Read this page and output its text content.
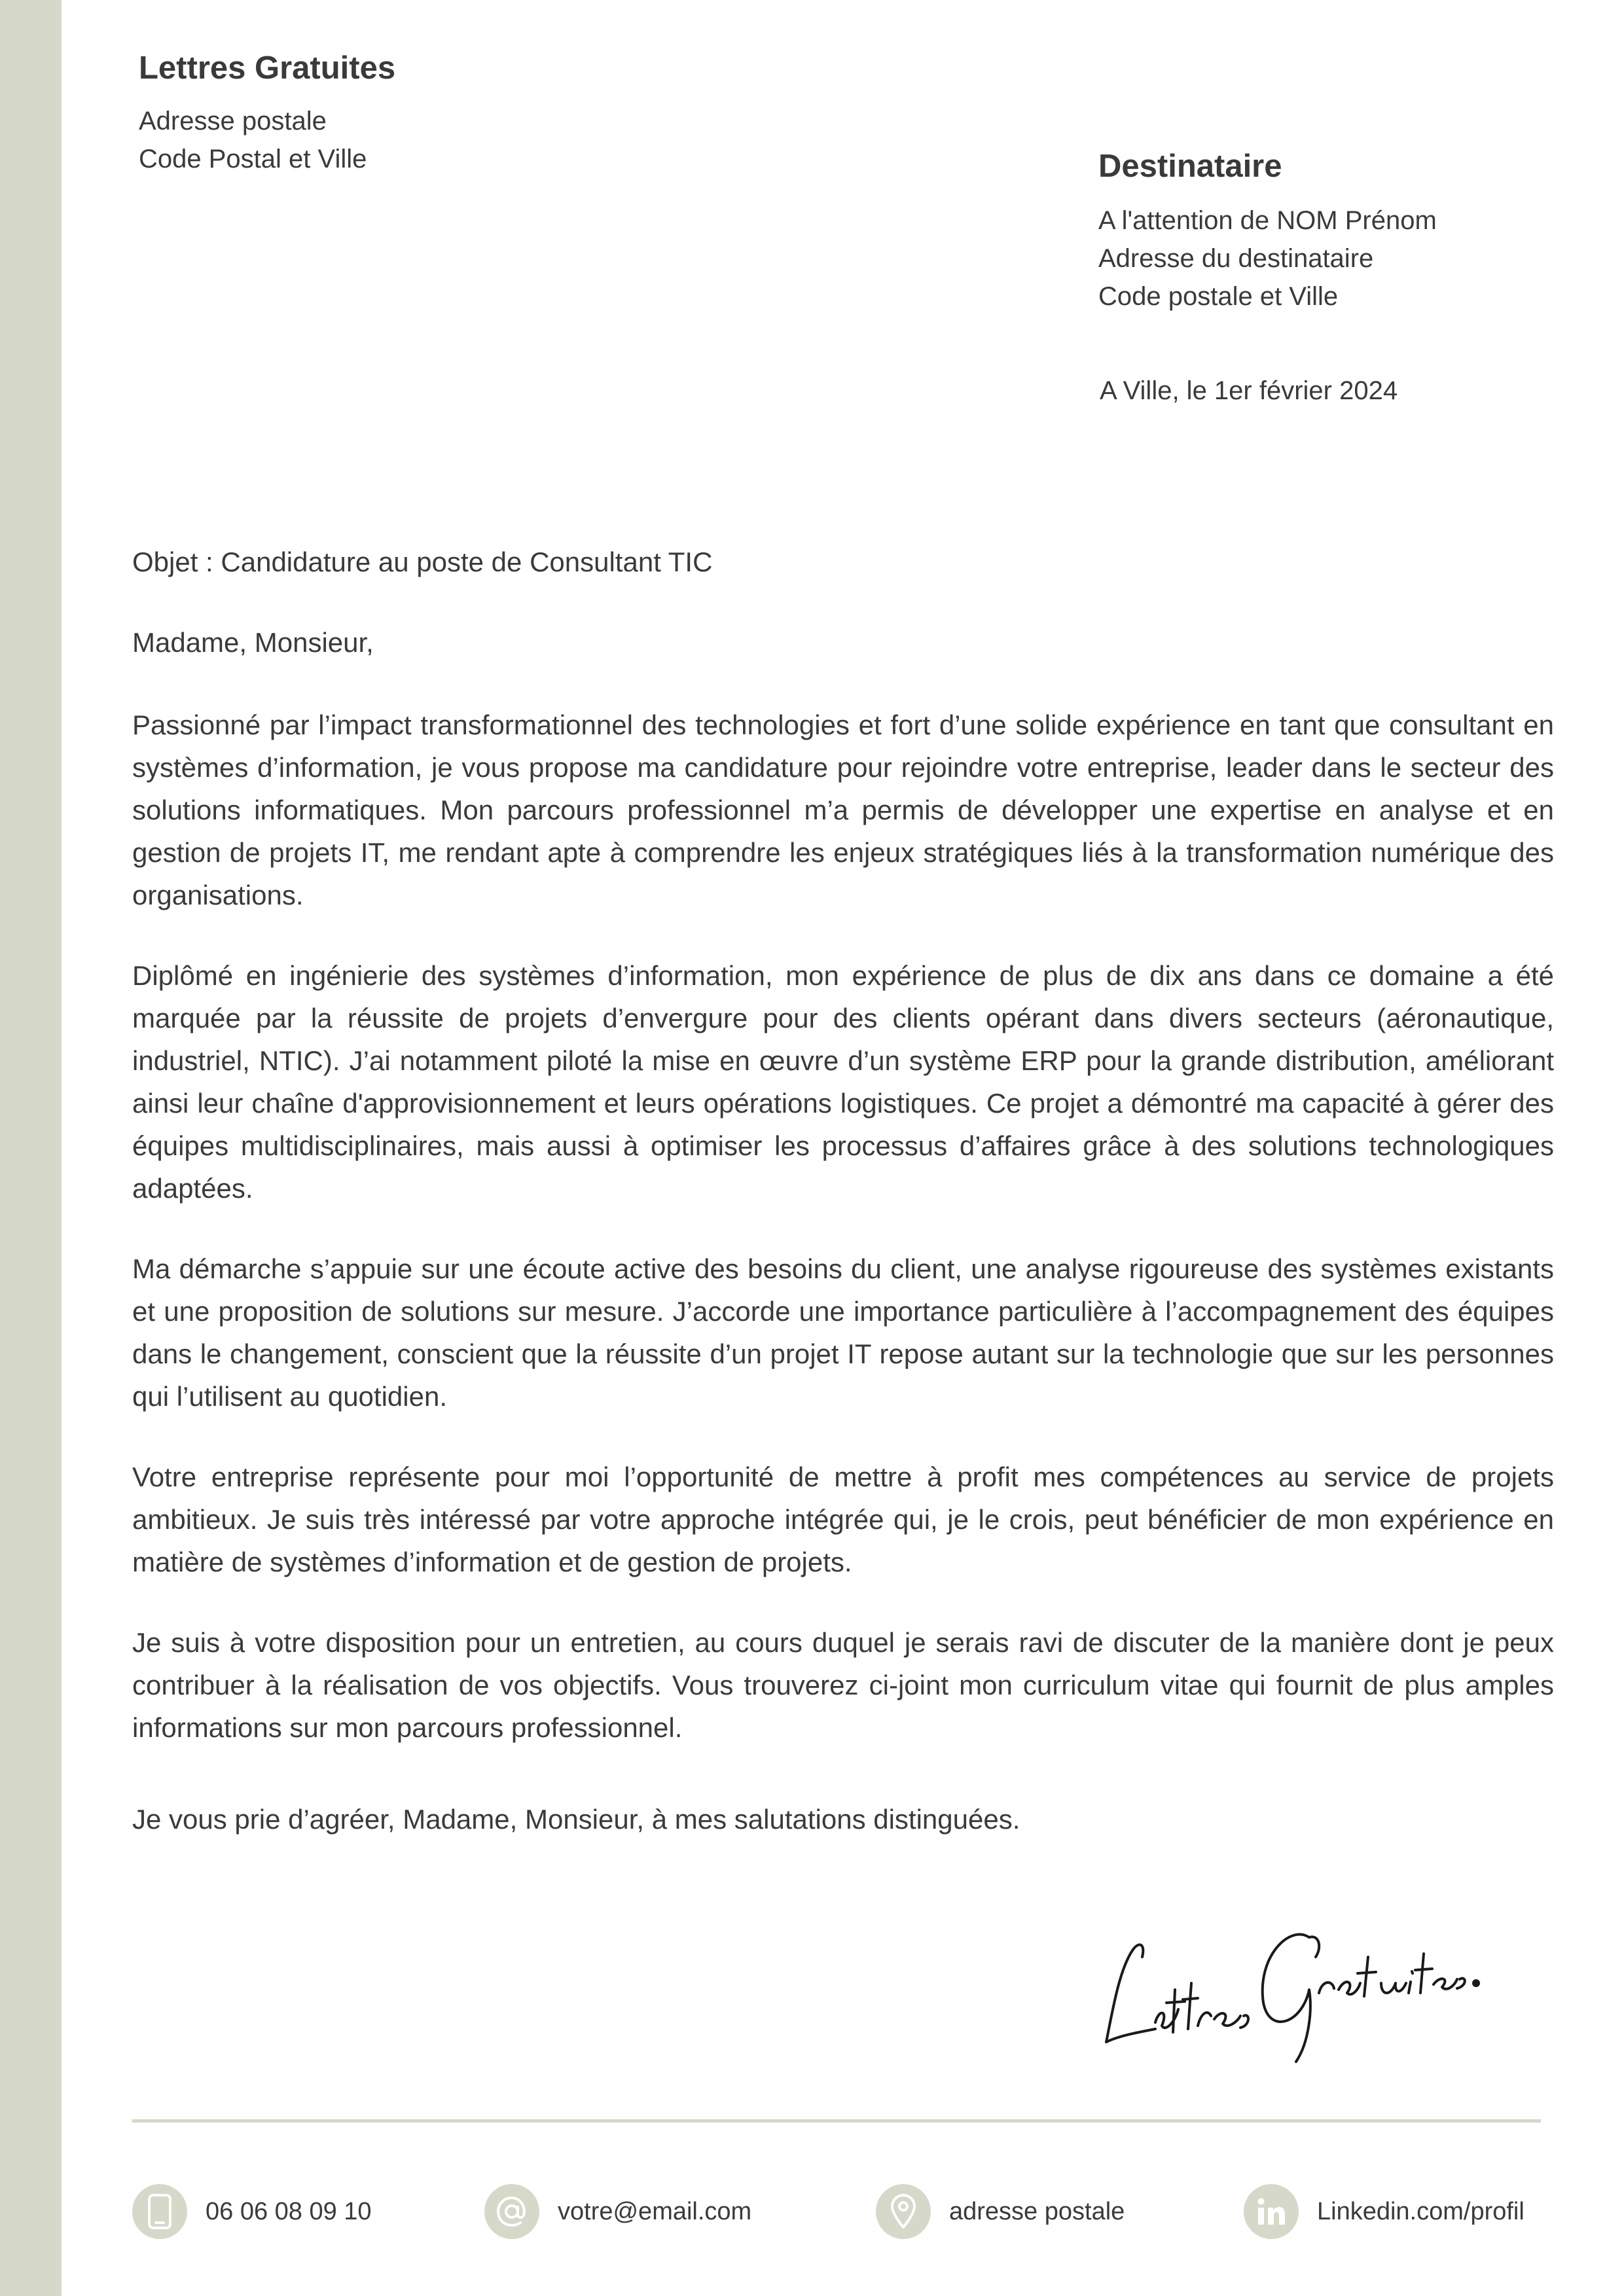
Lettres Gratuites
Adresse postale
Code Postal et Ville	Destinataire
A l'attention de NOM Prénom
Adresse du destinataire
Code postale et Ville
A Ville, le 1er février 2024
Objet : Candidature au poste de Consultant TIC
Madame, Monsieur,

Passionné par l’impact transformationnel des technologies et fort d’une solide expérience en tant que consultant en systèmes d’information, je vous propose ma candidature pour rejoindre votre entreprise, leader dans le secteur des solutions informatiques. Mon parcours professionnel m’a permis de développer une expertise en analyse et en gestion de projets IT, me rendant apte à comprendre les enjeux stratégiques liés à la transformation numérique des organisations.

Diplômé en ingénierie des systèmes d’information, mon expérience de plus de dix ans dans ce domaine a été marquée par la réussite de projets d’envergure pour des clients opérant dans divers secteurs (aéronautique, industriel, NTIC). J’ai notamment piloté la mise en œuvre d’un système ERP pour la grande distribution, améliorant ainsi leur chaîne d'approvisionnement et leurs opérations logistiques. Ce projet a démontré ma capacité à gérer des équipes multidisciplinaires, mais aussi à optimiser les processus d’affaires grâce à des solutions technologiques adaptées.

Ma démarche s’appuie sur une écoute active des besoins du client, une analyse rigoureuse des systèmes existants et une proposition de solutions sur mesure. J’accorde une importance particulière à l’accompagnement des équipes dans le changement, conscient que la réussite d’un projet IT repose autant sur la technologie que sur les personnes qui l’utilisent au quotidien.

Votre entreprise représente pour moi l’opportunité de mettre à profit mes compétences au service de projets ambitieux. Je suis très intéressé par votre approche intégrée qui, je le crois, peut bénéficier de mon expérience en matière de systèmes d’information et de gestion de projets.

Je suis à votre disposition pour un entretien, au cours duquel je serais ravi de discuter de la manière dont je peux contribuer à la réalisation de vos objectifs. Vous trouverez ci-joint mon curriculum vitae qui fournit de plus amples informations sur mon parcours professionnel.

Je vous prie d’agréer, Madame, Monsieur, à mes salutations distinguées.
06 06 08 09 10	votre@email.com	adresse postale	Linkedin.com/profil
